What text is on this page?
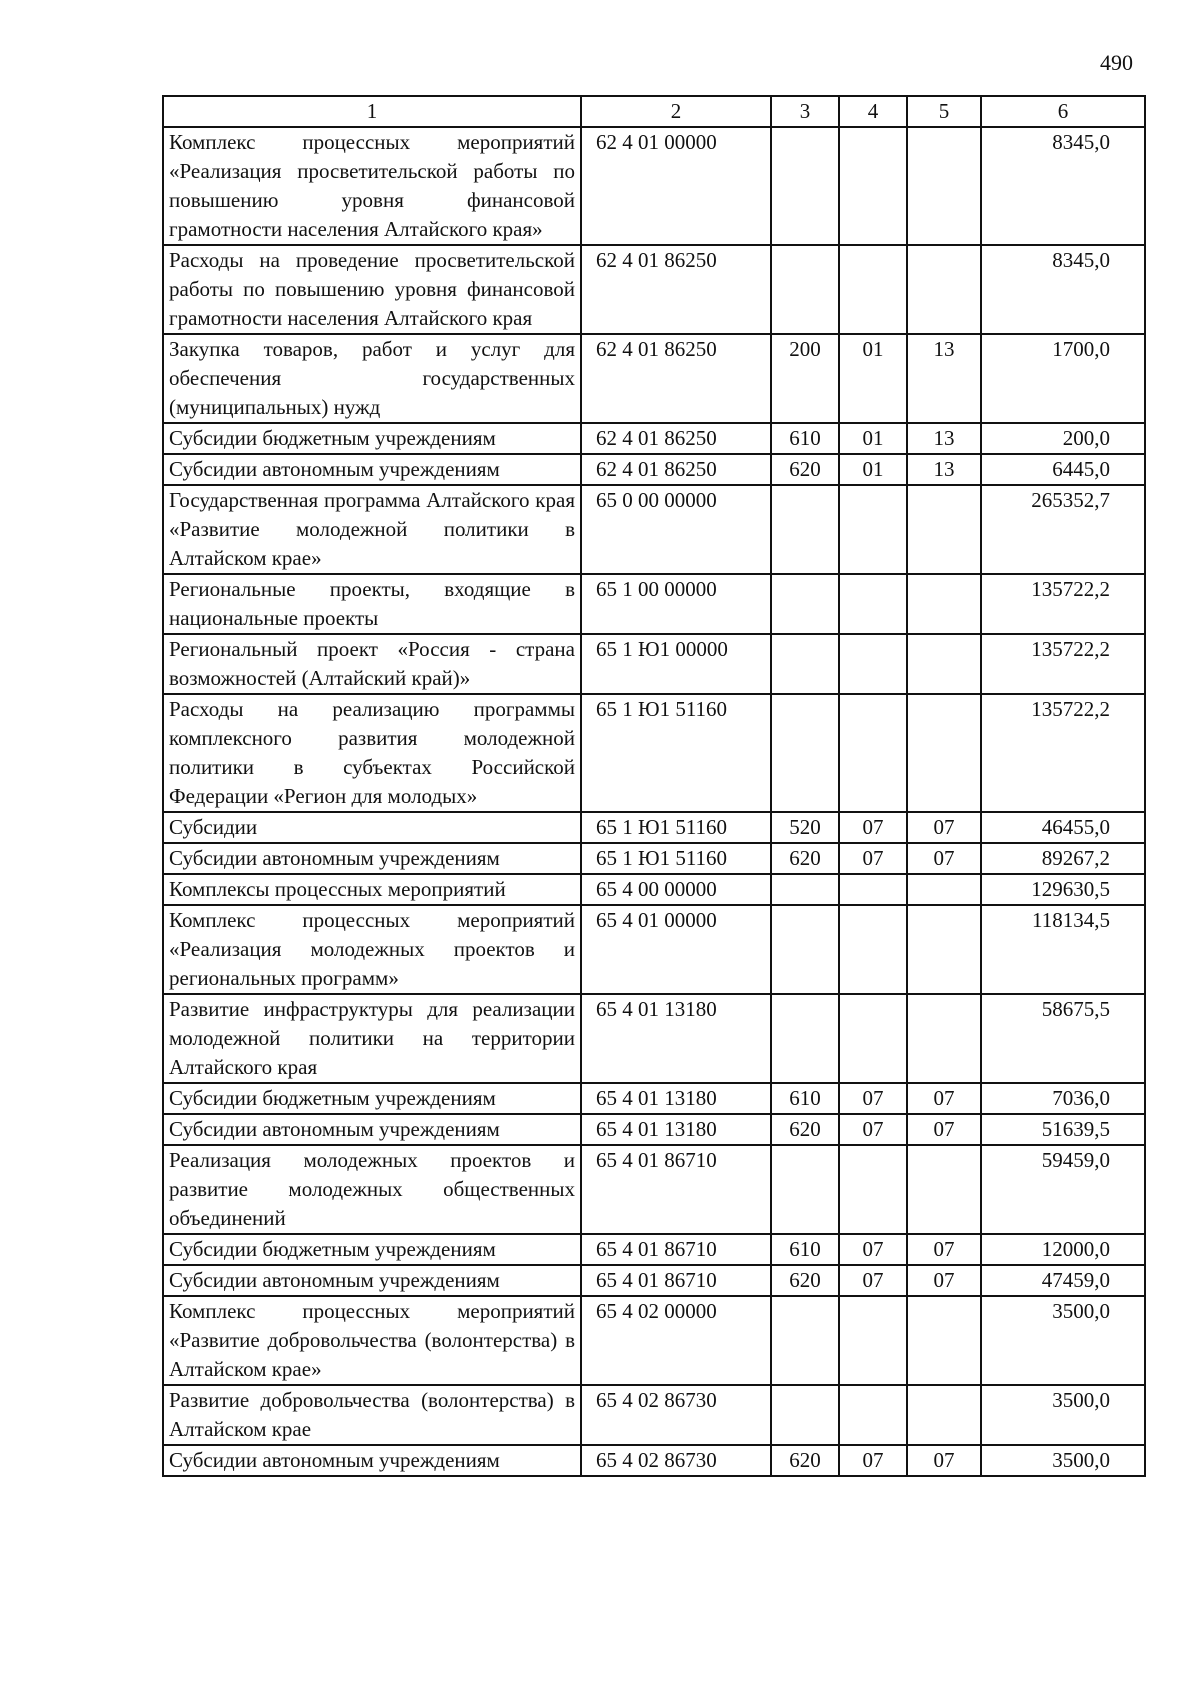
490
1	2	3	4	5	6
Комплекс процессных мероприятий «Реализация просветительской работы по повышению уровня финансовой грамотности населения Алтайского края»	62 4 01 00000				8345,0
Расходы на проведение просветительской работы по повышению уровня финансовой грамотности населения Алтайского края	62 4 01 86250				8345,0
Закупка товаров, работ и услуг для обеспечения государственных (муниципальных) нужд	62 4 01 86250	200	01	13	1700,0
Субсидии бюджетным учреждениям	62 4 01 86250	610	01	13	200,0
Субсидии автономным учреждениям	62 4 01 86250	620	01	13	6445,0
Государственная программа Алтайского края «Развитие молодежной политики в Алтайском крае»	65 0 00 00000				265352,7
Региональные проекты, входящие в национальные проекты	65 1 00 00000				135722,2
Региональный проект «Россия - страна возможностей (Алтайский край)»	65 1 Ю1 00000				135722,2
Расходы на реализацию программы комплексного развития молодежной политики в субъектах Российской Федерации «Регион для молодых»	65 1 Ю1 51160				135722,2
Субсидии	65 1 Ю1 51160	520	07	07	46455,0
Субсидии автономным учреждениям	65 1 Ю1 51160	620	07	07	89267,2
Комплексы процессных мероприятий	65 4 00 00000				129630,5
Комплекс процессных мероприятий «Реализация молодежных проектов и региональных программ»	65 4 01 00000				118134,5
Развитие инфраструктуры для реализации молодежной политики на территории Алтайского края	65 4 01 13180				58675,5
Субсидии бюджетным учреждениям	65 4 01 13180	610	07	07	7036,0
Субсидии автономным учреждениям	65 4 01 13180	620	07	07	51639,5
Реализация молодежных проектов и развитие молодежных общественных объединений	65 4 01 86710				59459,0
Субсидии бюджетным учреждениям	65 4 01 86710	610	07	07	12000,0
Субсидии автономным учреждениям	65 4 01 86710	620	07	07	47459,0
Комплекс процессных мероприятий «Развитие добровольчества (волонтерства) в Алтайском крае»	65 4 02 00000				3500,0
Развитие добровольчества (волонтерства) в Алтайском крае	65 4 02 86730				3500,0
Субсидии автономным учреждениям	65 4 02 86730	620	07	07	3500,0
